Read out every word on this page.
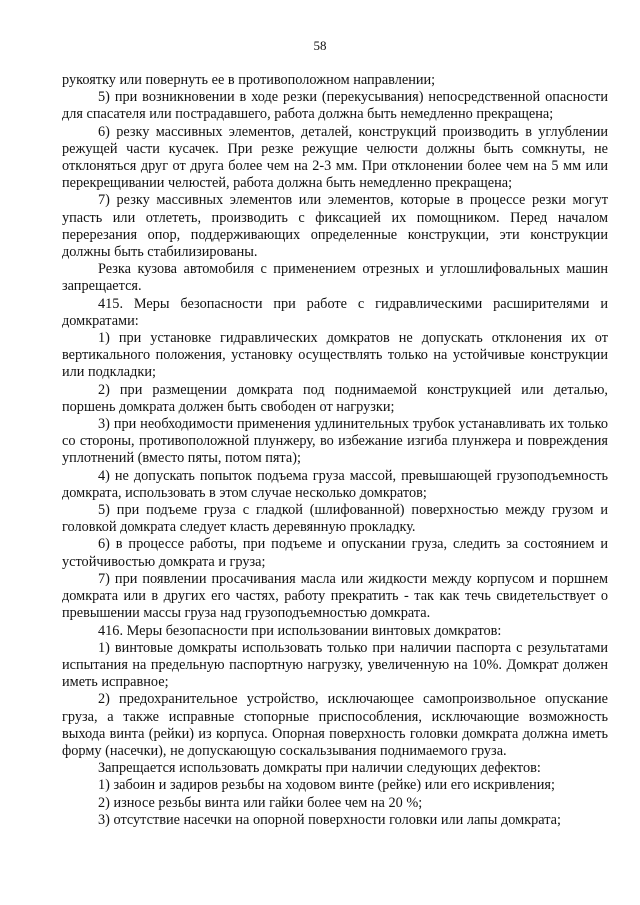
58

рукоятку или повернуть ее в противоположном направлении;

5) при возникновении в ходе резки (перекусывания) непосредственной опасности для спасателя или пострадавшего, работа должна быть немедленно прекращена;

6) резку массивных элементов, деталей, конструкций производить в углублении режущей части кусачек. При резке режущие челюсти должны быть сомкнуты, не отклоняться друг от друга более чем на 2-3 мм. При отклонении более чем на 5 мм или перекрещивании челюстей, работа должна быть немедленно прекращена;

7) резку массивных элементов или элементов, которые в процессе резки могут упасть или отлететь, производить с фиксацией их помощником. Перед началом перерезания опор, поддерживающих определенные конструкции, эти конструкции должны быть стабилизированы.

Резка кузова автомобиля с применением отрезных и углошлифовальных машин запрещается.

415. Меры безопасности при работе с гидравлическими расширителями и домкратами:

1) при установке гидравлических домкратов не допускать отклонения их от вертикального положения, установку осуществлять только на устойчивые конструкции или подкладки;

2) при размещении домкрата под поднимаемой конструкцией или деталью, поршень домкрата должен быть свободен от нагрузки;

3) при необходимости применения удлинительных трубок устанавливать их только со стороны, противоположной плунжеру, во избежание изгиба плунжера и повреждения уплотнений (вместо пяты, потом пята);

4) не допускать попыток подъема груза массой, превышающей грузоподъемность домкрата, использовать в этом случае несколько домкратов;

5) при подъеме груза с гладкой (шлифованной) поверхностью между грузом и головкой домкрата следует класть деревянную прокладку.

6) в процессе работы, при подъеме и опускании груза, следить за состоянием и устойчивостью домкрата и груза;

7) при появлении просачивания масла или жидкости между корпусом и поршнем домкрата или в других его частях, работу прекратить - так как течь свидетельствует о превышении массы груза над грузоподъемностью домкрата.

416. Меры безопасности при использовании винтовых домкратов:

1) винтовые домкраты использовать только при наличии паспорта с результатами испытания на предельную паспортную нагрузку, увеличенную на 10%. Домкрат должен иметь исправное;

2) предохранительное устройство, исключающее самопроизвольное опускание груза, а также исправные стопорные приспособления, исключающие возможность выхода винта (рейки) из корпуса. Опорная поверхность головки домкрата должна иметь форму (насечки), не допускающую соскальзывания поднимаемого груза.

Запрещается использовать домкраты при наличии следующих дефектов:

1) забоин и задиров резьбы на ходовом винте (рейке) или его искривления;

2) износе резьбы винта или гайки более чем на 20 %;

3) отсутствие насечки на опорной поверхности головки или лапы домкрата;
